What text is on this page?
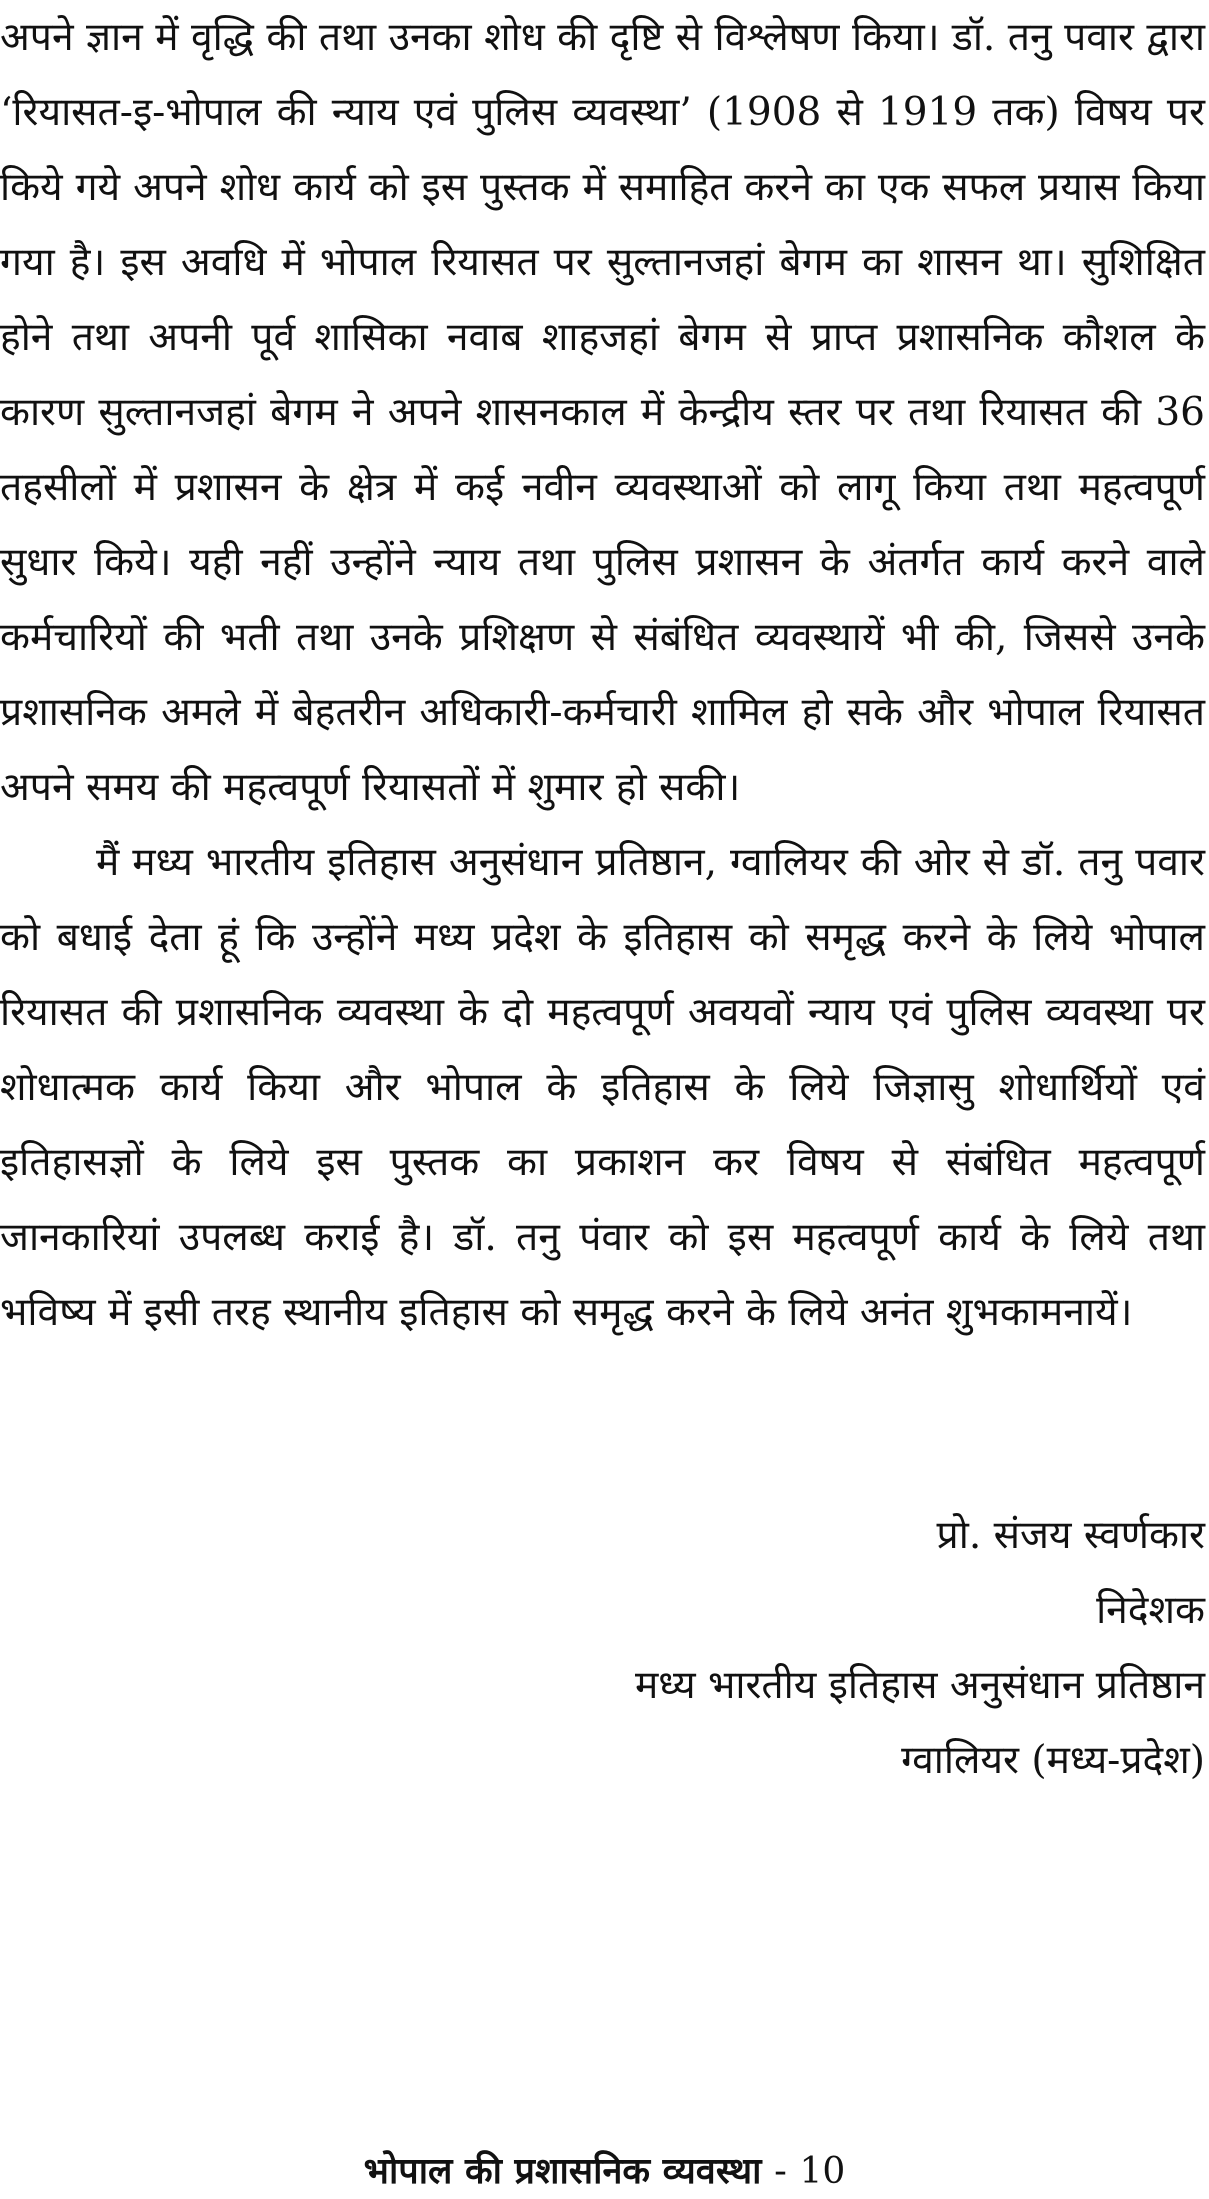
अपने ज्ञान में वृद्धि की तथा उनका शोध की दृष्टि से विश्लेषण किया। डॉ. तनु पवार द्वारा ‘रियासत-इ-भोपाल की न्याय एवं पुलिस व्यवस्था’ (1908 से 1919 तक) विषय पर किये गये अपने शोध कार्य को इस पुस्तक में समाहित करने का एक सफल प्रयास किया गया है। इस अवधि में भोपाल रियासत पर सुल्तानजहां बेगम का शासन था। सुशिक्षित होने तथा अपनी पूर्व शासिका नवाब शाहजहां बेगम से प्राप्त प्रशासनिक कौशल के कारण सुल्तानजहां बेगम ने अपने शासनकाल में केन्द्रीय स्तर पर तथा रियासत की 36 तहसीलों में प्रशासन के क्षेत्र में कई नवीन व्यवस्थाओं को लागू किया तथा महत्वपूर्ण सुधार किये। यही नहीं उन्होंने न्याय तथा पुलिस प्रशासन के अंतर्गत कार्य करने वाले कर्मचारियों की भती तथा उनके प्रशिक्षण से संबंधित व्यवस्थायें भी की, जिससे उनके प्रशासनिक अमले में बेहतरीन अधिकारी-कर्मचारी शामिल हो सके और भोपाल रियासत अपने समय की महत्वपूर्ण रियासतों में शुमार हो सकी।

मैं मध्य भारतीय इतिहास अनुसंधान प्रतिष्ठान, ग्वालियर की ओर से डॉ. तनु पवार को बधाई देता हूं कि उन्होंने मध्य प्रदेश के इतिहास को समृद्ध करने के लिये भोपाल रियासत की प्रशासनिक व्यवस्था के दो महत्वपूर्ण अवयवों न्याय एवं पुलिस व्यवस्था पर शोधात्मक कार्य किया और भोपाल के इतिहास के लिये जिज्ञासु शोधार्थियों एवं इतिहासज्ञों के लिये इस पुस्तक का प्रकाशन कर विषय से संबंधित महत्वपूर्ण जानकारियां उपलब्ध कराई है। डॉ. तनु पंवार को इस महत्वपूर्ण कार्य के लिये तथा भविष्य में इसी तरह स्थानीय इतिहास को समृद्ध करने के लिये अनंत शुभकामनायें।

प्रो. संजय स्वर्णकार
निदेशक
मध्य भारतीय इतिहास अनुसंधान प्रतिष्ठान
ग्वालियर (मध्य-प्रदेश)
भोपाल की प्रशासनिक व्यवस्था - 10
